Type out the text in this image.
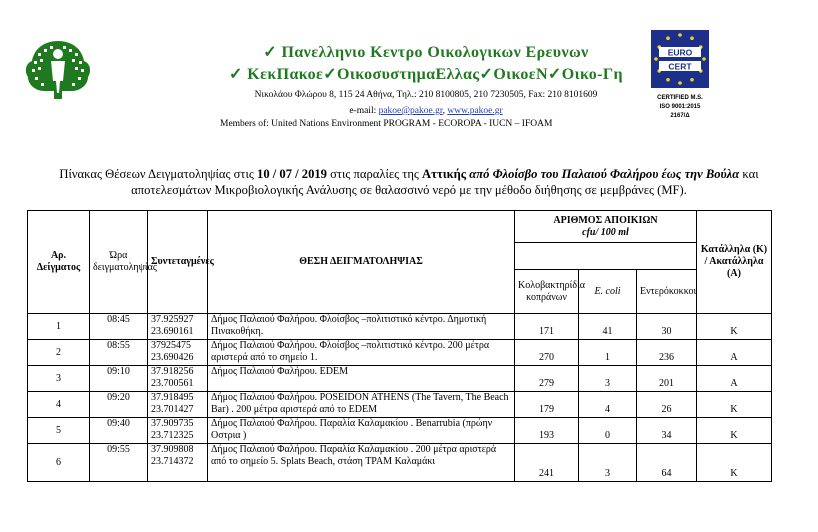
✓ Πανελληνιο Κεντρο Οικολογικων Ερευνων
✓ ΚεκΠακοε✓ΟικοσυστημαΕλλας✓ΟικοεΝ✓Οικο-Γη
Νικολάου Φλώρου 8, 115 24 Αθήνα, Τηλ.: 210 8100805, 210 7230505, Fax: 210 8101609
e-mail: pakoe@pakoe.gr, www.pakoe.gr
Members of: United Nations Environment PROGRAM - ECOROPA - IUCN – IFOAM
EURO
CERT
CERTIFIED M.S.
ISO 9001:2015
2167/Δ
Πίνακας Θέσεων Δειγματοληψίας στις 10 / 07 / 2019 στις παραλίες της Αττικής από Φλοίσβο του Παλαιού Φαλήρου έως την Βούλα και αποτελεσμάτων Μικροβιολογικής Ανάλυσης σε θαλασσινό νερό με την μέθοδο διήθησης σε μεμβράνες (MF).
Αρ. Δείγματος	Ώρα δειγματοληψίας	Συντεταγμένες	ΘΕΣΗ ΔΕΙΓΜΑΤΟΛΗΨΙΑΣ	ΑΡΙΘΜΟΣ ΑΠΟΙΚΙΩΝ
cfu/ 100 ml			Κατάλληλα (Κ) / Ακατάλληλα (Α)

				Κολοβακτηρίδια κοπράνων	E. coli	Εντερόκοκκοι	
1	08:45	37.925927
23.690161	Δήμος Παλαιού Φαλήρου. Φλοίσβος –πολιτιστικό κέντρο. Δημοτική Πινακοθήκη.	171	41	30	Κ
2	08:55	37925475
23.690426	Δήμος Παλαιού Φαλήρου. Φλοίσβος –πολιτιστικό κέντρο. 200 μέτρα αριστερά από το σημείο 1.	270	1	236	Α
3	09:10	37.918256
23.700561	Δήμος Παλαιού Φαλήρου. EDEM	279	3	201	Α
4	09:20	37.918495
23.701427	Δήμος Παλαιού Φαλήρου. POSEIDON ATHENS (The Tavern, The Beach Bar) . 200 μέτρα αριστερά από το EDEM	179	4	26	Κ
5	09:40	37.909735
23.712325	Δήμος Παλαιού Φαλήρου. Παραλία Καλαμακίου . Benarrubia (πρώην Οστρια )	193	0	34	Κ
6	09:55	37.909808
23.714372	Δήμος Παλαιού Φαλήρου. Παραλία Καλαμακίου . 200 μέτρα αριστερά από το σημείο 5. Splats Beach, στάση ΤΡΑΜ Καλαμάκι	241	3	64	Κ
